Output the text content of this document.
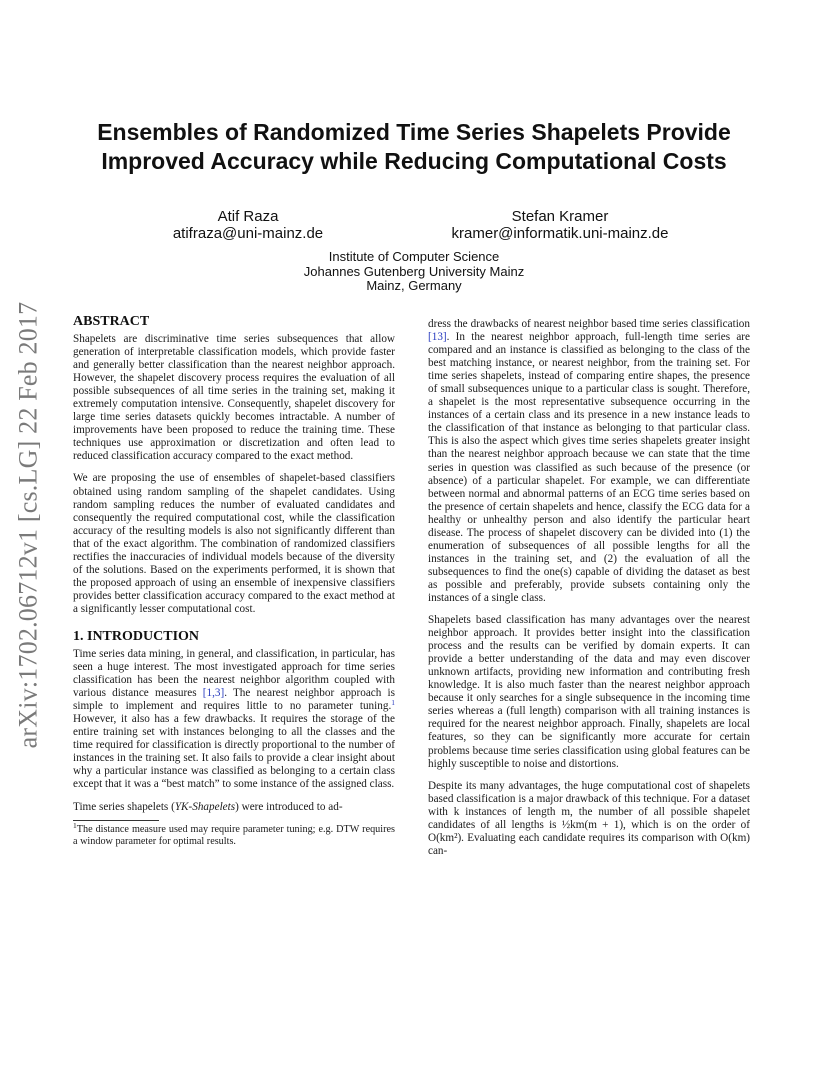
arXiv:1702.06712v1 [cs.LG] 22 Feb 2017
Ensembles of Randomized Time Series Shapelets Provide
Improved Accuracy while Reducing Computational Costs
Atif Raza
atifraza@uni-mainz.de
Stefan Kramer
kramer@informatik.uni-mainz.de
Institute of Computer Science
Johannes Gutenberg University Mainz
Mainz, Germany
ABSTRACT

Shapelets are discriminative time series subsequences that allow generation of interpretable classification models, which provide faster and generally better classification than the nearest neighbor approach. However, the shapelet discovery process requires the evaluation of all possible subsequences of all time series in the training set, making it extremely computation intensive. Consequently, shapelet discovery for large time series datasets quickly becomes intractable. A number of improvements have been proposed to reduce the training time. These techniques use approximation or discretization and often lead to reduced classification accuracy compared to the exact method.

We are proposing the use of ensembles of shapelet-based classifiers obtained using random sampling of the shapelet candidates. Using random sampling reduces the number of evaluated candidates and consequently the required computational cost, while the classification accuracy of the resulting models is also not significantly different than that of the exact algorithm. The combination of randomized classifiers rectifies the inaccuracies of individual models because of the diversity of the solutions. Based on the experiments performed, it is shown that the proposed approach of using an ensemble of inexpensive classifiers provides better classification accuracy compared to the exact method at a significantly lesser computational cost.

1. INTRODUCTION

Time series data mining, in general, and classification, in particular, has seen a huge interest. The most investigated approach for time series classification has been the nearest neighbor algorithm coupled with various distance measures [1,3]. The nearest neighbor approach is simple to implement and requires little to no parameter tuning.$^1$ However, it also has a few drawbacks. It requires the storage of the entire training set with instances belonging to all the classes and the time required for classification is directly proportional to the number of instances in the training set. It also fails to provide a clear insight about why a particular instance was classified as belonging to a certain class except that it was a “best match” to some instance of the assigned class.

Time series shapelets (YK-Shapelets) were introduced to ad-

$^1$The distance measure used may require parameter tuning; e.g. DTW requires a window parameter for optimal results.

dress the drawbacks of nearest neighbor based time series classification [13]. In the nearest neighbor approach, full-length time series are compared and an instance is classified as belonging to the class of the best matching instance, or nearest neighbor, from the training set. For time series shapelets, instead of comparing entire shapes, the presence of small subsequences unique to a particular class is sought. Therefore, a shapelet is the most representative subsequence occurring in the instances of a certain class and its presence in a new instance leads to the classification of that instance as belonging to that particular class. This is also the aspect which gives time series shapelets greater insight than the nearest neighbor approach because we can state that the time series in question was classified as such because of the presence (or absence) of a particular shapelet. For example, we can differentiate between normal and abnormal patterns of an ECG time series based on the presence of certain shapelets and hence, classify the ECG data for a healthy or unhealthy person and also identify the particular heart disease. The process of shapelet discovery can be divided into (1) the enumeration of subsequences of all possible lengths for all the instances in the training set, and (2) the evaluation of all the subsequences to find the one(s) capable of dividing the dataset as best as possible and preferably, provide subsets containing only the instances of a single class.

Shapelets based classification has many advantages over the nearest neighbor approach. It provides better insight into the classification process and the results can be verified by domain experts. It can provide a better understanding of the data and may even discover unknown artifacts, providing new information and contributing fresh knowledge. It is also much faster than the nearest neighbor approach because it only searches for a single subsequence in the incoming time series whereas a (full length) comparison with all training instances is required for the nearest neighbor approach. Finally, shapelets are local features, so they can be significantly more accurate for certain problems because time series classification using global features can be highly susceptible to noise and distortions.

Despite its many advantages, the huge computational cost of shapelets based classification is a major drawback of this technique. For a dataset with k instances of length m, the number of all possible shapelet candidates of all lengths is ½km(m + 1), which is on the order of O(km²). Evaluating each candidate requires its comparison with O(km) can-
